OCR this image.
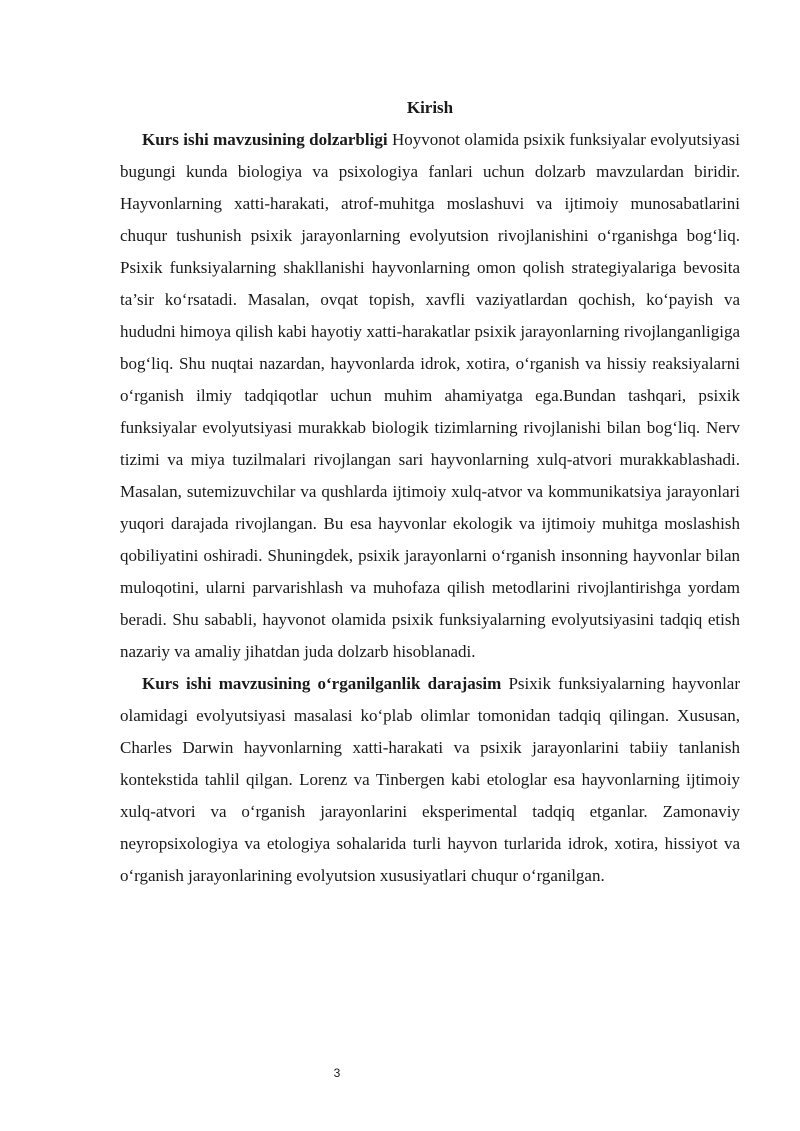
Kirish

Kurs ishi mavzusining dolzarbligi Hoyvonot olamida psixik funksiyalar evolyutsiyasi bugungi kunda biologiya va psixologiya fanlari uchun dolzarb mavzulardan biridir. Hayvonlarning xatti-harakati, atrof-muhitga moslashuvi va ijtimoiy munosabatlarini chuqur tushunish psixik jarayonlarning evolyutsion rivojlanishini o‘rganishga bog‘liq. Psixik funksiyalarning shakllanishi hayvonlarning omon qolish strategiyalariga bevosita ta’sir ko‘rsatadi. Masalan, ovqat topish, xavfli vaziyatlardan qochish, ko‘payish va hududni himoya qilish kabi hayotiy xatti-harakatlar psixik jarayonlarning rivojlanganligiga bog‘liq. Shu nuqtai nazardan, hayvonlarda idrok, xotira, o‘rganish va hissiy reaksiyalarni o‘rganish ilmiy tadqiqotlar uchun muhim ahamiyatga ega.Bundan tashqari, psixik funksiyalar evolyutsiyasi murakkab biologik tizimlarning rivojlanishi bilan bog‘liq. Nerv tizimi va miya tuzilmalari rivojlangan sari hayvonlarning xulq-atvori murakkablashadi. Masalan, sutemizuvchilar va qushlarda ijtimoiy xulq-atvor va kommunikatsiya jarayonlari yuqori darajada rivojlangan. Bu esa hayvonlar ekologik va ijtimoiy muhitga moslashish qobiliyatini oshiradi. Shuningdek, psixik jarayonlarni o‘rganish insonning hayvonlar bilan muloqotini, ularni parvarishlash va muhofaza qilish metodlarini rivojlantirishga yordam beradi. Shu sababli, hayvonot olamida psixik funksiyalarning evolyutsiyasini tadqiq etish nazariy va amaliy jihatdan juda dolzarb hisoblanadi.

Kurs ishi mavzusining o‘rganilganlik darajasim Psixik funksiyalarning hayvonlar olamidagi evolyutsiyasi masalasi ko‘plab olimlar tomonidan tadqiq qilingan. Xususan, Charles Darwin hayvonlarning xatti-harakati va psixik jarayonlarini tabiiy tanlanish kontekstida tahlil qilgan. Lorenz va Tinbergen kabi etologlar esa hayvonlarning ijtimoiy xulq-atvori va o‘rganish jarayonlarini eksperimental tadqiq etganlar. Zamonaviy neyropsixologiya va etologiya sohalarida turli hayvon turlarida idrok, xotira, hissiyot va o‘rganish jarayonlarining evolyutsion xususiyatlari chuqur o‘rganilgan.

3
